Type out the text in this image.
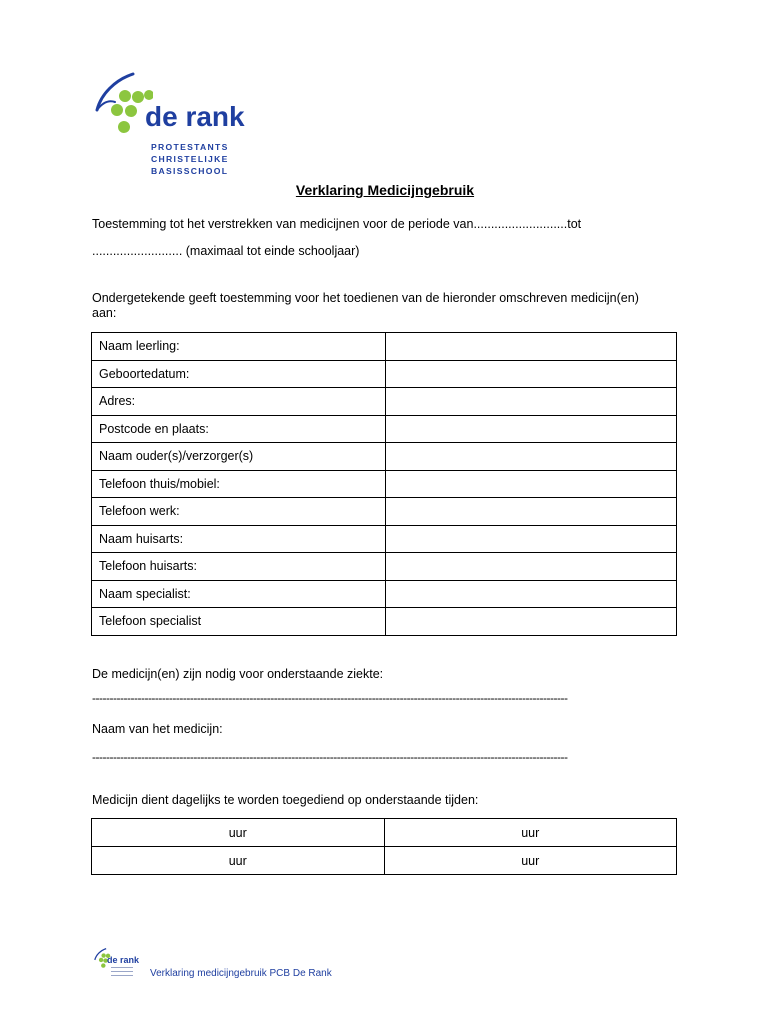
de rank
PROTESTANTS
CHRISTELIJKE
BASISSCHOOL
Verklaring Medicijngebruik
Toestemming tot het verstrekken van medicijnen voor de periode van...........................tot
.......................... (maximaal tot einde schooljaar)
Ondergetekende geeft toestemming voor het toedienen van de hieronder omschreven medicijn(en)
aan:
Naam leerling:	
Geboortedatum:	
Adres:	
Postcode en plaats:	
Naam ouder(s)/verzorger(s)	
Telefoon thuis/mobiel:	
Telefoon werk:	
Naam huisarts:	
Telefoon huisarts:	
Naam specialist:	
Telefoon specialist	
De medicijn(en) zijn nodig voor onderstaande ziekte:
----------------------------------------------------------------------------------------------------------------------------------------
Naam van het medicijn:
----------------------------------------------------------------------------------------------------------------------------------------
Medicijn dient dagelijks te worden toegediend op onderstaande tijden:
uur	uur
uur	uur
de rank
Verklaring medicijngebruik PCB De Rank
